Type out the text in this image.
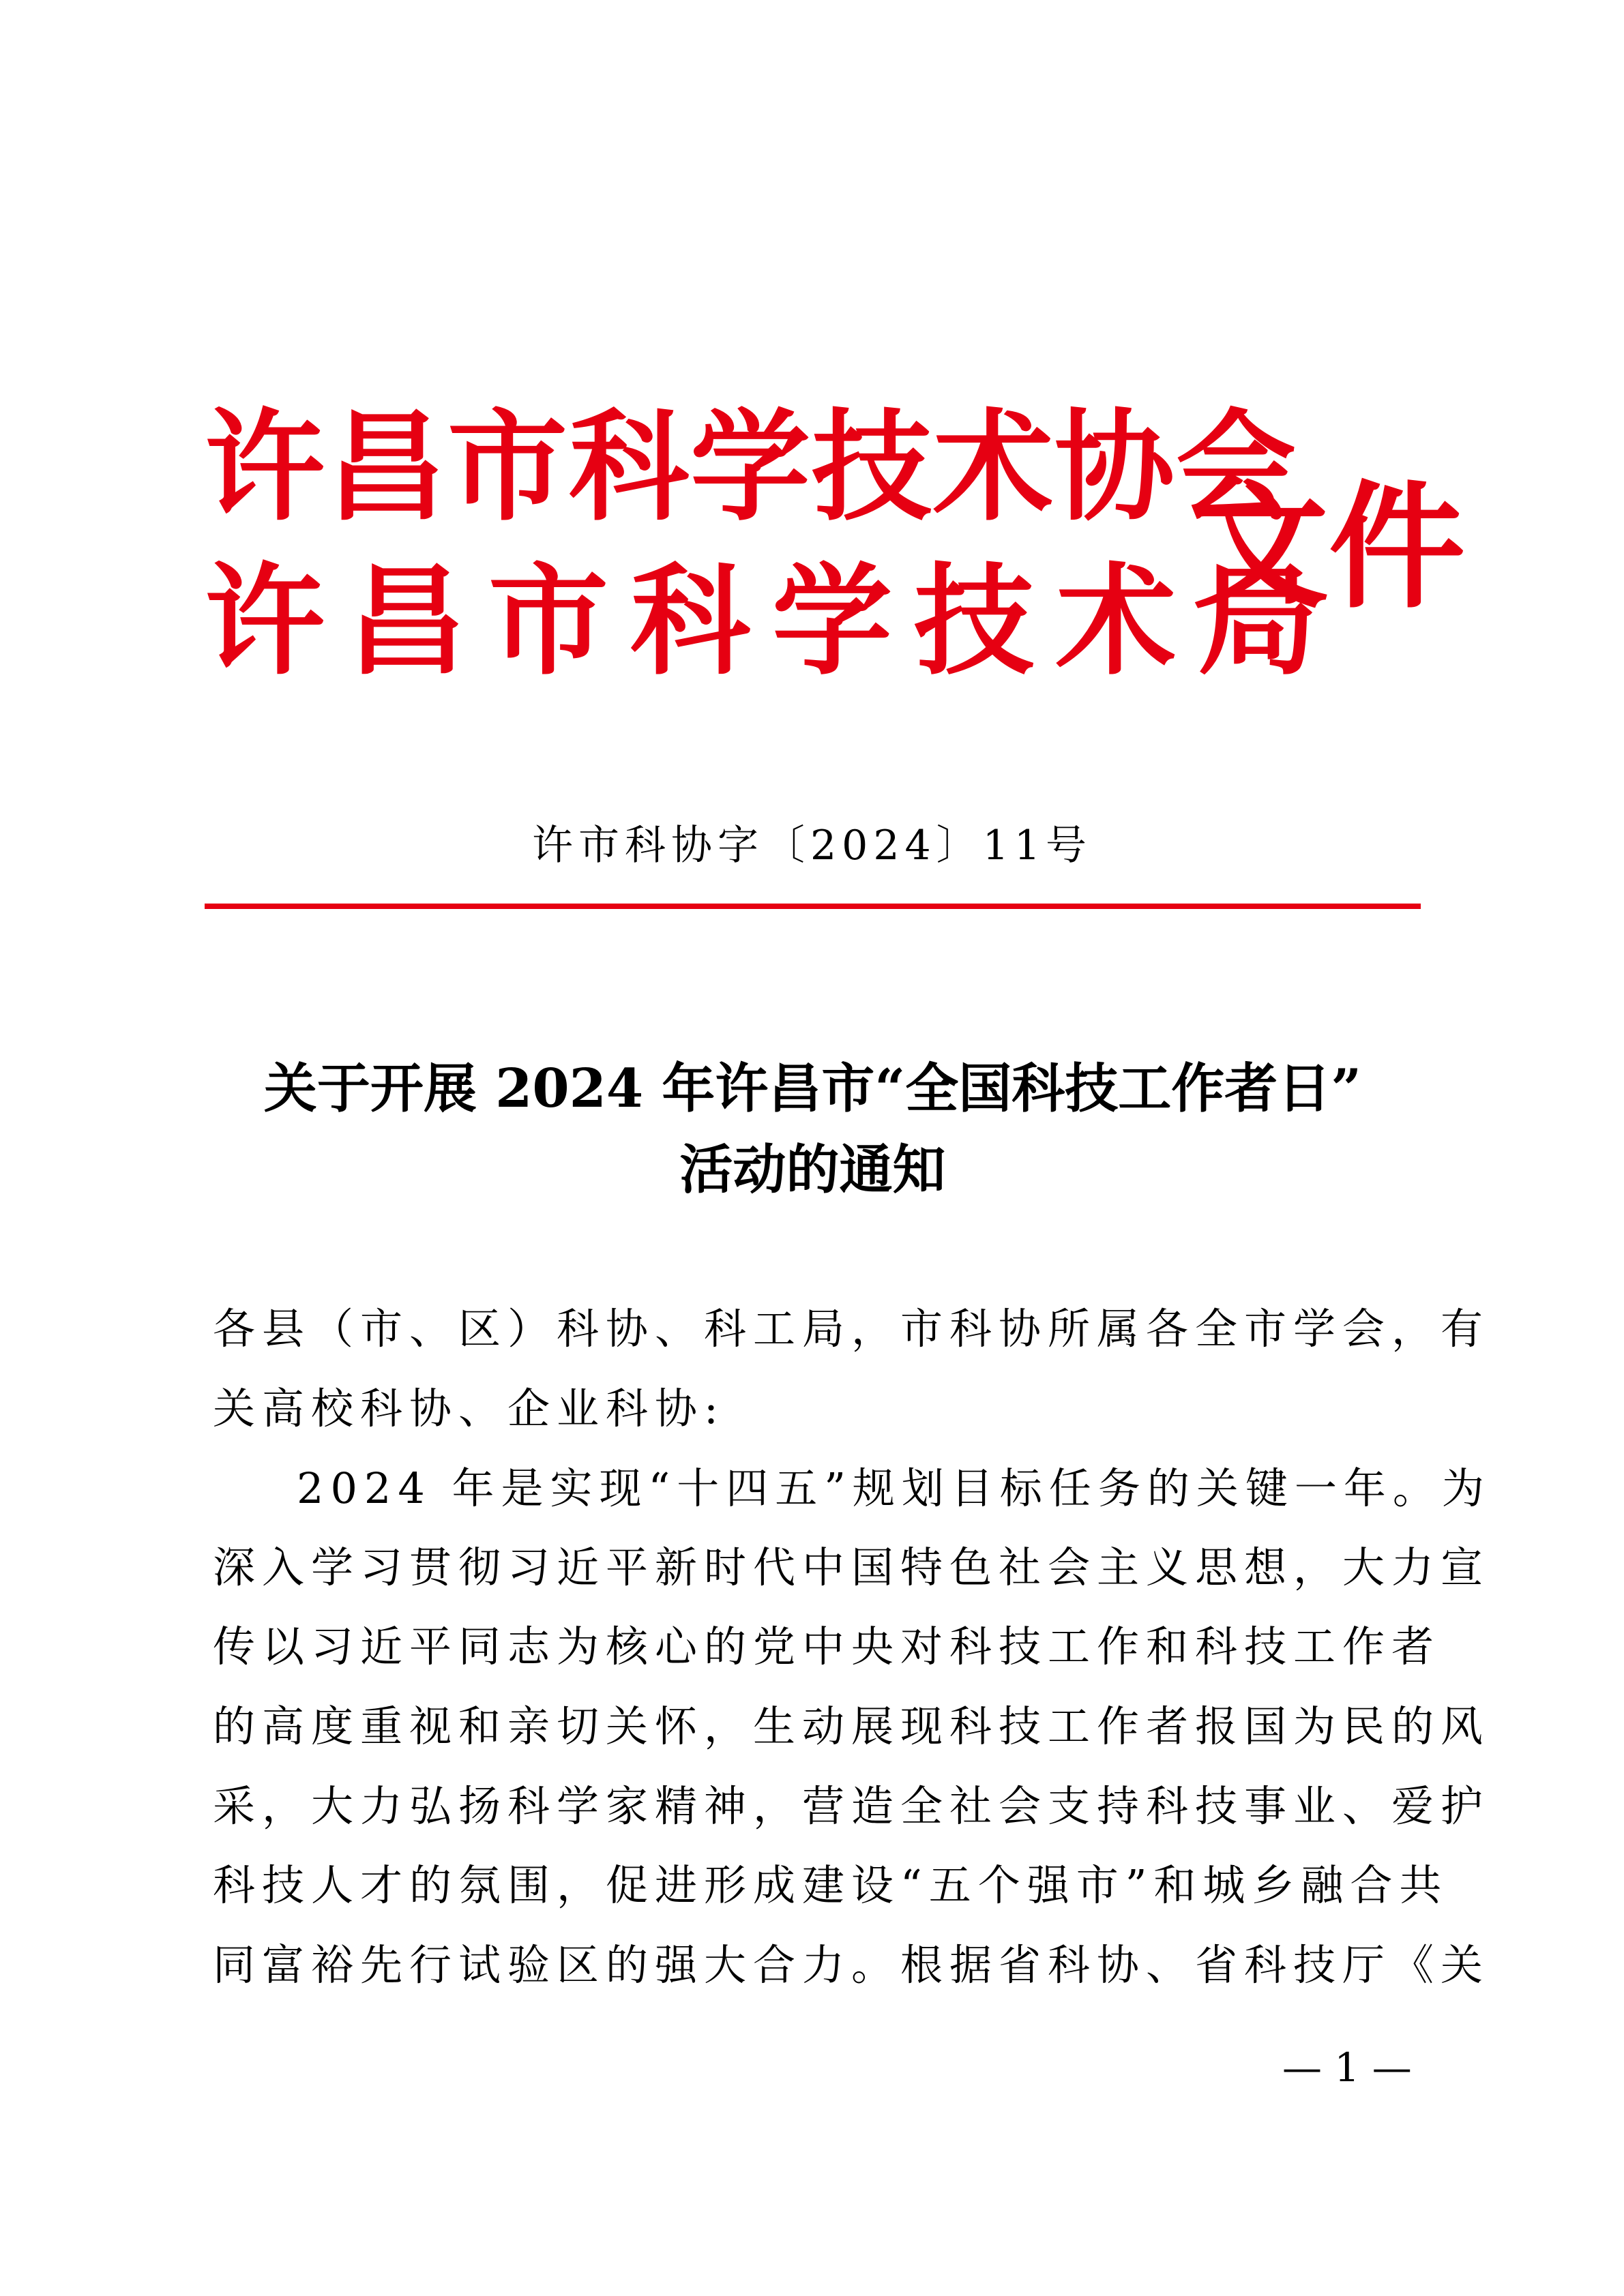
许昌市科学技术协会
许昌市科学技术局
文件
许市科协字〔2024〕11号
关于开展 2024 年许昌市“全国科技工作者日”
活动的通知
各县（市、区）科协、科工局，市科协所属各全市学会，有
关高校科协、企业科协:
2024 年是实现“十四五”规划目标任务的关键一年。为
深入学习贯彻习近平新时代中国特色社会主义思想，大力宣
传以习近平同志为核心的党中央对科技工作和科技工作者
的高度重视和亲切关怀，生动展现科技工作者报国为民的风
采，大力弘扬科学家精神，营造全社会支持科技事业、爱护
科技人才的氛围，促进形成建设“五个强市”和城乡融合共
同富裕先行试验区的强大合力。根据省科协、省科技厅《关
— 1 —
